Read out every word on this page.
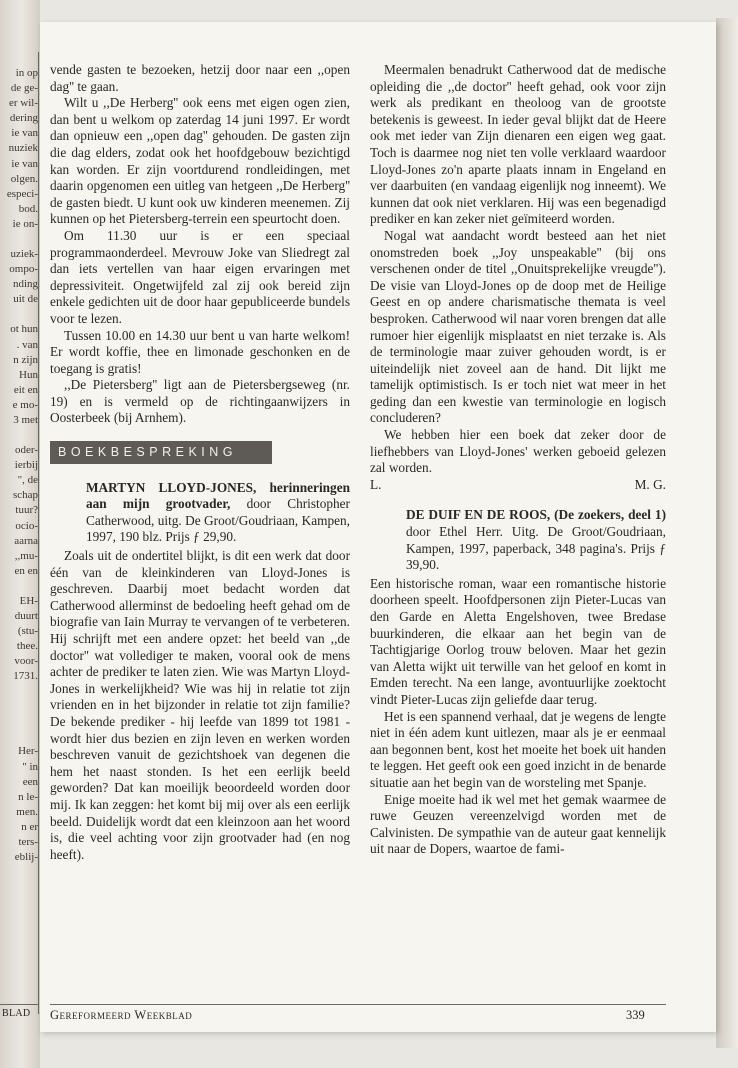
in op
de ge-
er wil-
dering
ie van
nuziek
ie van
olgen.
especi-
bod.
ie on-
uziek-
ompo-
nding
uit de
ot hun
. van
n zijn
Hun
eit en
e mo-
3 met
oder-
ierbij
", de
schap
tuur?
ocio-
aarna
,,mu-
en en
EH-
duurt
(stu-
thee.
voor-
1731.
Her-
" in
een
n le-
men.
n er
ters-
eblij-
BLAD

vende gasten te bezoeken, hetzij door naar een ,,open dag'' te gaan.

Wilt u ,,De Herberg'' ook eens met eigen ogen zien, dan bent u welkom op zaterdag 14 juni 1997. Er wordt dan opnieuw een ,,open dag'' gehouden. De gasten zijn die dag elders, zodat ook het hoofdgebouw bezichtigd kan worden. Er zijn voortdurend rondleidingen, met daarin opgenomen een uitleg van hetgeen ,,De Herberg'' de gasten biedt. U kunt ook uw kinderen meenemen. Zij kunnen op het Pietersberg-terrein een speurtocht doen.

Om 11.30 uur is er een speciaal programmaonderdeel. Mevrouw Joke van Sliedregt zal dan iets vertellen van haar eigen ervaringen met depressiviteit. Ongetwijfeld zal zij ook bereid zijn enkele gedichten uit de door haar gepubliceerde bundels voor te lezen.

Tussen 10.00 en 14.30 uur bent u van harte welkom! Er wordt koffie, thee en limonade geschonken en de toegang is gratis!

,,De Pietersberg'' ligt aan de Pietersbergseweg (nr. 19) en is vermeld op de richtingaanwijzers in Oosterbeek (bij Arnhem).

BOEKBESPREKING

MARTYN LLOYD-JONES, herinneringen aan mijn grootvader, door Christopher Catherwood, uitg. De Groot/Goudriaan, Kampen, 1997, 190 blz. Prijs ƒ 29,90.

Zoals uit de ondertitel blijkt, is dit een werk dat door één van de kleinkinderen van Lloyd-Jones is geschreven. Daarbij moet bedacht worden dat Catherwood allerminst de bedoeling heeft gehad om de biografie van Iain Murray te vervangen of te verbeteren. Hij schrijft met een andere opzet: het beeld van ,,de doctor'' wat vollediger te maken, vooral ook de mens achter de prediker te laten zien. Wie was Martyn Lloyd-Jones in werkelijkheid? Wie was hij in relatie tot zijn vrienden en in het bijzonder in relatie tot zijn familie? De bekende prediker - hij leefde van 1899 tot 1981 - wordt hier dus bezien en zijn leven en werken worden beschreven vanuit de gezichtshoek van degenen die hem het naast stonden. Is het een eerlijk beeld geworden? Dat kan moeilijk beoordeeld worden door mij. Ik kan zeggen: het komt bij mij over als een eerlijk beeld. Duidelijk wordt dat een kleinzoon aan het woord is, die veel achting voor zijn grootvader had (en nog heeft).

Meermalen benadrukt Catherwood dat de medische opleiding die ,,de doctor'' heeft gehad, ook voor zijn werk als predikant en theoloog van de grootste betekenis is geweest. In ieder geval blijkt dat de Heere ook met ieder van Zijn dienaren een eigen weg gaat. Toch is daarmee nog niet ten volle verklaard waardoor Lloyd-Jones zo'n aparte plaats innam in Engeland en ver daarbuiten (en vandaag eigenlijk nog inneemt). We kunnen dat ook niet verklaren. Hij was een begenadigd prediker en kan zeker niet geïmiteerd worden.

Nogal wat aandacht wordt besteed aan het niet onomstreden boek ,,Joy unspeakable'' (bij ons verschenen onder de titel ,,Onuitsprekelijke vreugde''). De visie van Lloyd-Jones op de doop met de Heilige Geest en op andere charismatische themata is veel besproken. Catherwood wil naar voren brengen dat alle rumoer hier eigenlijk misplaatst en niet terzake is. Als de terminologie maar zuiver gehouden wordt, is er uiteindelijk niet zoveel aan de hand. Dit lijkt me tamelijk optimistisch. Is er toch niet wat meer in het geding dan een kwestie van terminologie en logisch concluderen?

We hebben hier een boek dat zeker door de liefhebbers van Lloyd-Jones' werken geboeid gelezen zal worden.

L.	M. G.

DE DUIF EN DE ROOS, (De zoekers, deel 1) door Ethel Herr. Uitg. De Groot/Goudriaan, Kampen, 1997, paperback, 348 pagina's. Prijs ƒ 39,90.

Een historische roman, waar een romantische historie doorheen speelt. Hoofdpersonen zijn Pieter-Lucas van den Garde en Aletta Engelshoven, twee Bredase buurkinderen, die elkaar aan het begin van de Tachtigjarige Oorlog trouw beloven. Maar het gezin van Aletta wijkt uit terwille van het geloof en komt in Emden terecht. Na een lange, avontuurlijke zoektocht vindt Pieter-Lucas zijn geliefde daar terug.

Het is een spannend verhaal, dat je wegens de lengte niet in één adem kunt uitlezen, maar als je er eenmaal aan begonnen bent, kost het moeite het boek uit handen te leggen. Het geeft ook een goed inzicht in de benarde situatie aan het begin van de worsteling met Spanje.

Enige moeite had ik wel met het gemak waarmee de ruwe Geuzen vereenzelvigd worden met de Calvinisten. De sympathie van de auteur gaat kennelijk uit naar de Dopers, waartoe de fami-

Gereformeerd Weekblad	339
